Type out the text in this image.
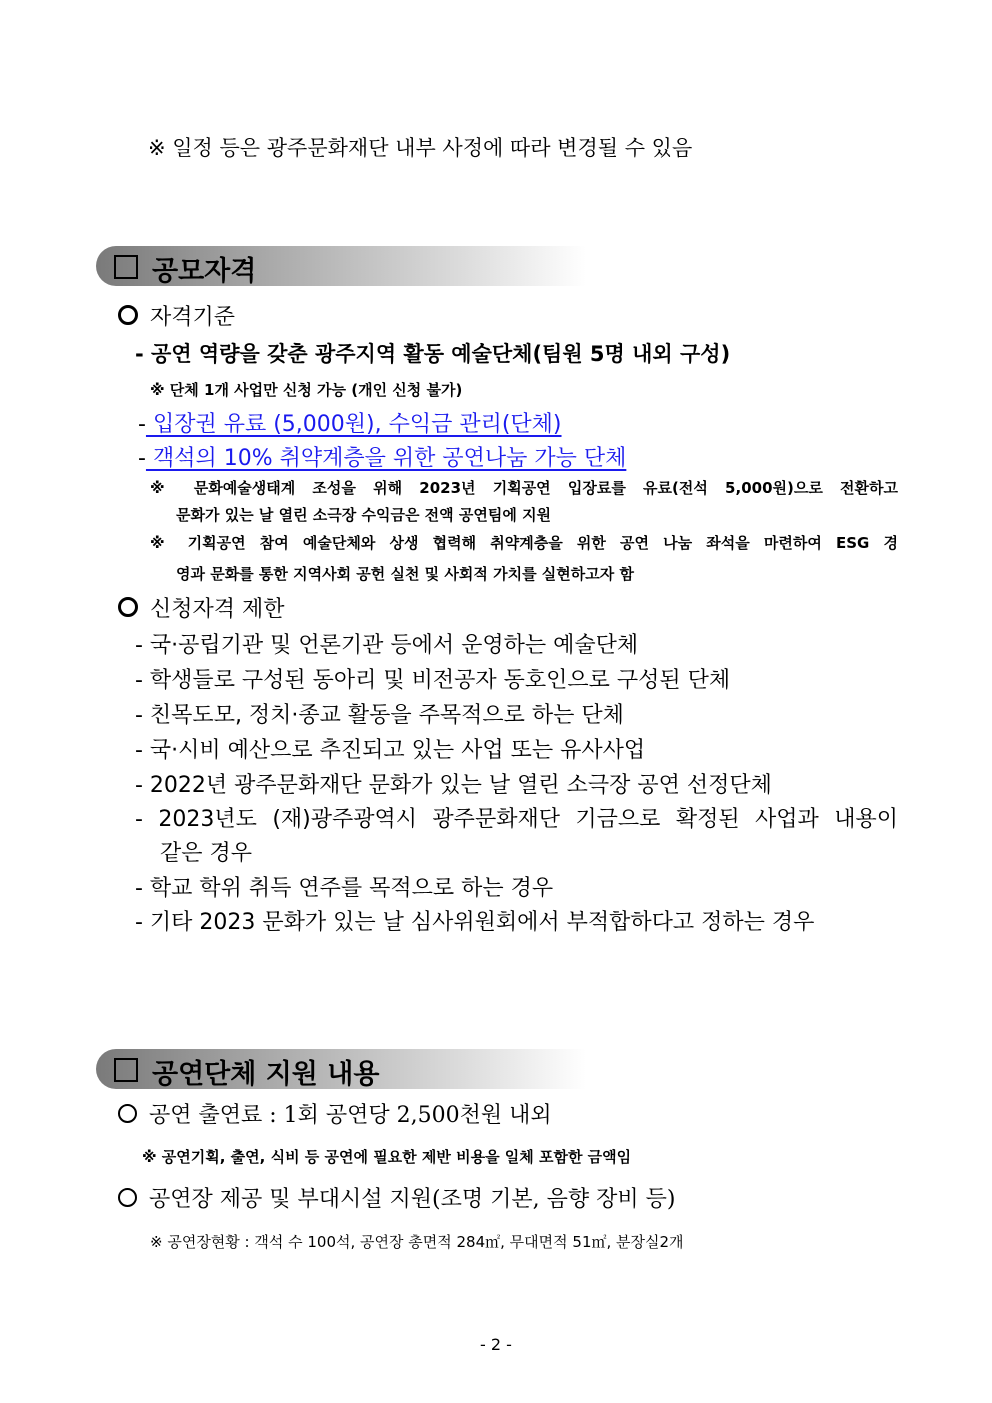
※ 일정 등은 광주문화재단 내부 사정에 따라 변경될 수 있음
공모자격
자격기준
- 공연 역량을 갖춘 광주지역 활동 예술단체(팀원 5명 내외 구성)
※ 단체 1개 사업만 신청 가능 (개인 신청 불가)
- 입장권 유료 (5,000원), 수익금 관리(단체)
- 객석의 10% 취약계층을 위한 공연나눔 가능 단체
※ 문화예술생태계 조성을 위해 2023년 기획공연 입장료를 유료(전석 5,000원)으로 전환하고
문화가 있는 날 열린 소극장 수익금은 전액 공연팀에 지원
※ 기획공연 참여 예술단체와 상생 협력해 취약계층을 위한 공연 나눔 좌석을 마련하여 ESG 경
영과 문화를 통한 지역사회 공헌 실천 및 사회적 가치를 실현하고자 함
신청자격 제한
- 국·공립기관 및 언론기관 등에서 운영하는 예술단체
- 학생들로 구성된 동아리 및 비전공자 동호인으로 구성된 단체
- 친목도모, 정치·종교 활동을 주목적으로 하는 단체
- 국·시비 예산으로 추진되고 있는 사업 또는 유사사업
- 2022년 광주문화재단 문화가 있는 날 열린 소극장 공연 선정단체
- 2023년도 (재)광주광역시 광주문화재단 기금으로 확정된 사업과 내용이
같은 경우
- 학교 학위 취득 연주를 목적으로 하는 경우
- 기타 2023 문화가 있는 날 심사위원회에서 부적합하다고 정하는 경우
공연단체 지원 내용
공연 출연료 : 1회 공연당 2,500천원 내외
※ 공연기획, 출연, 식비 등 공연에 필요한 제반 비용을 일체 포함한 금액임
공연장 제공 및 부대시설 지원(조명 기본, 음향 장비 등)
※ 공연장현황 : 객석 수 100석, 공연장 총면적 284㎡, 무대면적 51㎡, 분장실2개
- 2 -
